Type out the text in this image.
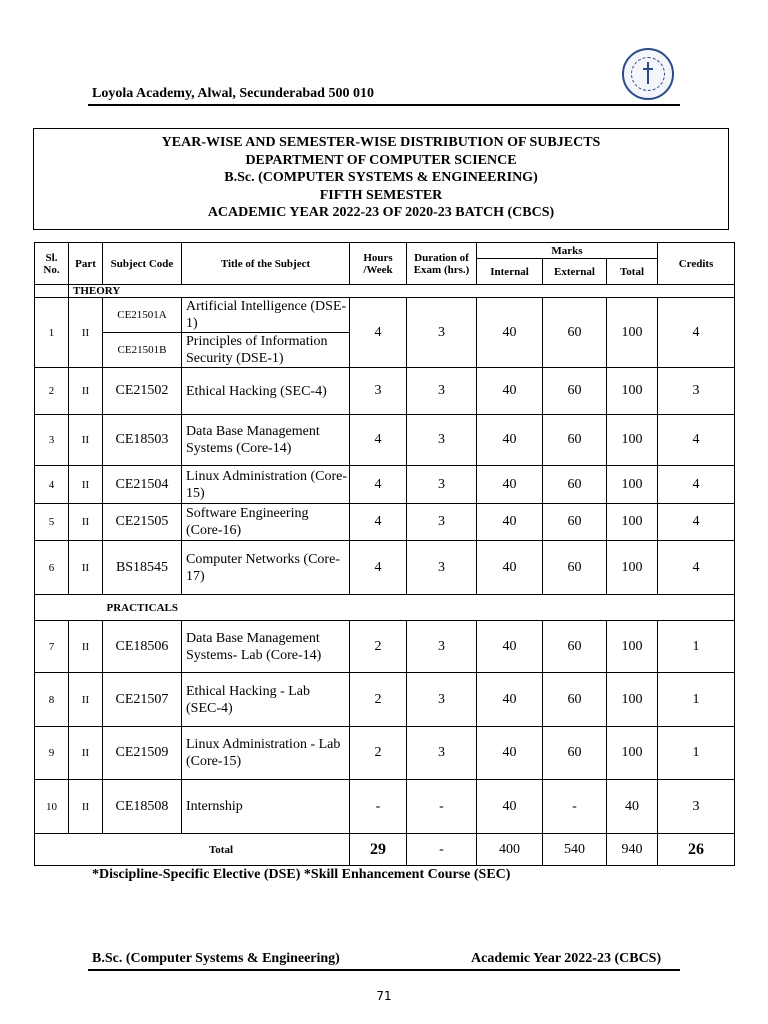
Loyola Academy, Alwal, Secunderabad 500 010
YEAR-WISE AND SEMESTER-WISE DISTRIBUTION OF SUBJECTS
DEPARTMENT OF COMPUTER SCIENCE
B.Sc. (COMPUTER SYSTEMS & ENGINEERING)
FIFTH SEMESTER
ACADEMIC YEAR 2022-23 OF 2020-23 BATCH (CBCS)
Sl. No.	Part	Subject Code	Title of the Subject	Hours /Week	Duration of Exam (hrs.)	Marks			Credits
						Internal	External	Total	
	THEORY								
1	II	CE21501A	Artificial Intelligence (DSE-1)	4	3	40	60	100	4
		CE21501B	Principles of Information Security (DSE-1)						
2	II	CE21502	Ethical Hacking (SEC-4)	3	3	40	60	100	3
3	II	CE18503	Data Base Management Systems (Core-14)	4	3	40	60	100	4
4	II	CE21504	Linux Administration (Core-15)	4	3	40	60	100	4
5	II	CE21505	Software Engineering (Core-16)	4	3	40	60	100	4
6	II	BS18545	Computer Networks (Core-17)	4	3	40	60	100	4
		PRACTICALS							
7	II	CE18506	Data Base Management Systems- Lab (Core-14)	2	3	40	60	100	1
8	II	CE21507	Ethical Hacking - Lab (SEC-4)	2	3	40	60	100	1
9	II	CE21509	Linux Administration - Lab (Core-15)	2	3	40	60	100	1
10	II	CE18508	Internship	-	-	40	-	40	3
Total				29	-	400	540	940	26
*Discipline-Specific Elective (DSE) *Skill Enhancement Course (SEC)
B.Sc. (Computer Systems & Engineering)	Academic Year 2022-23 (CBCS)
71
